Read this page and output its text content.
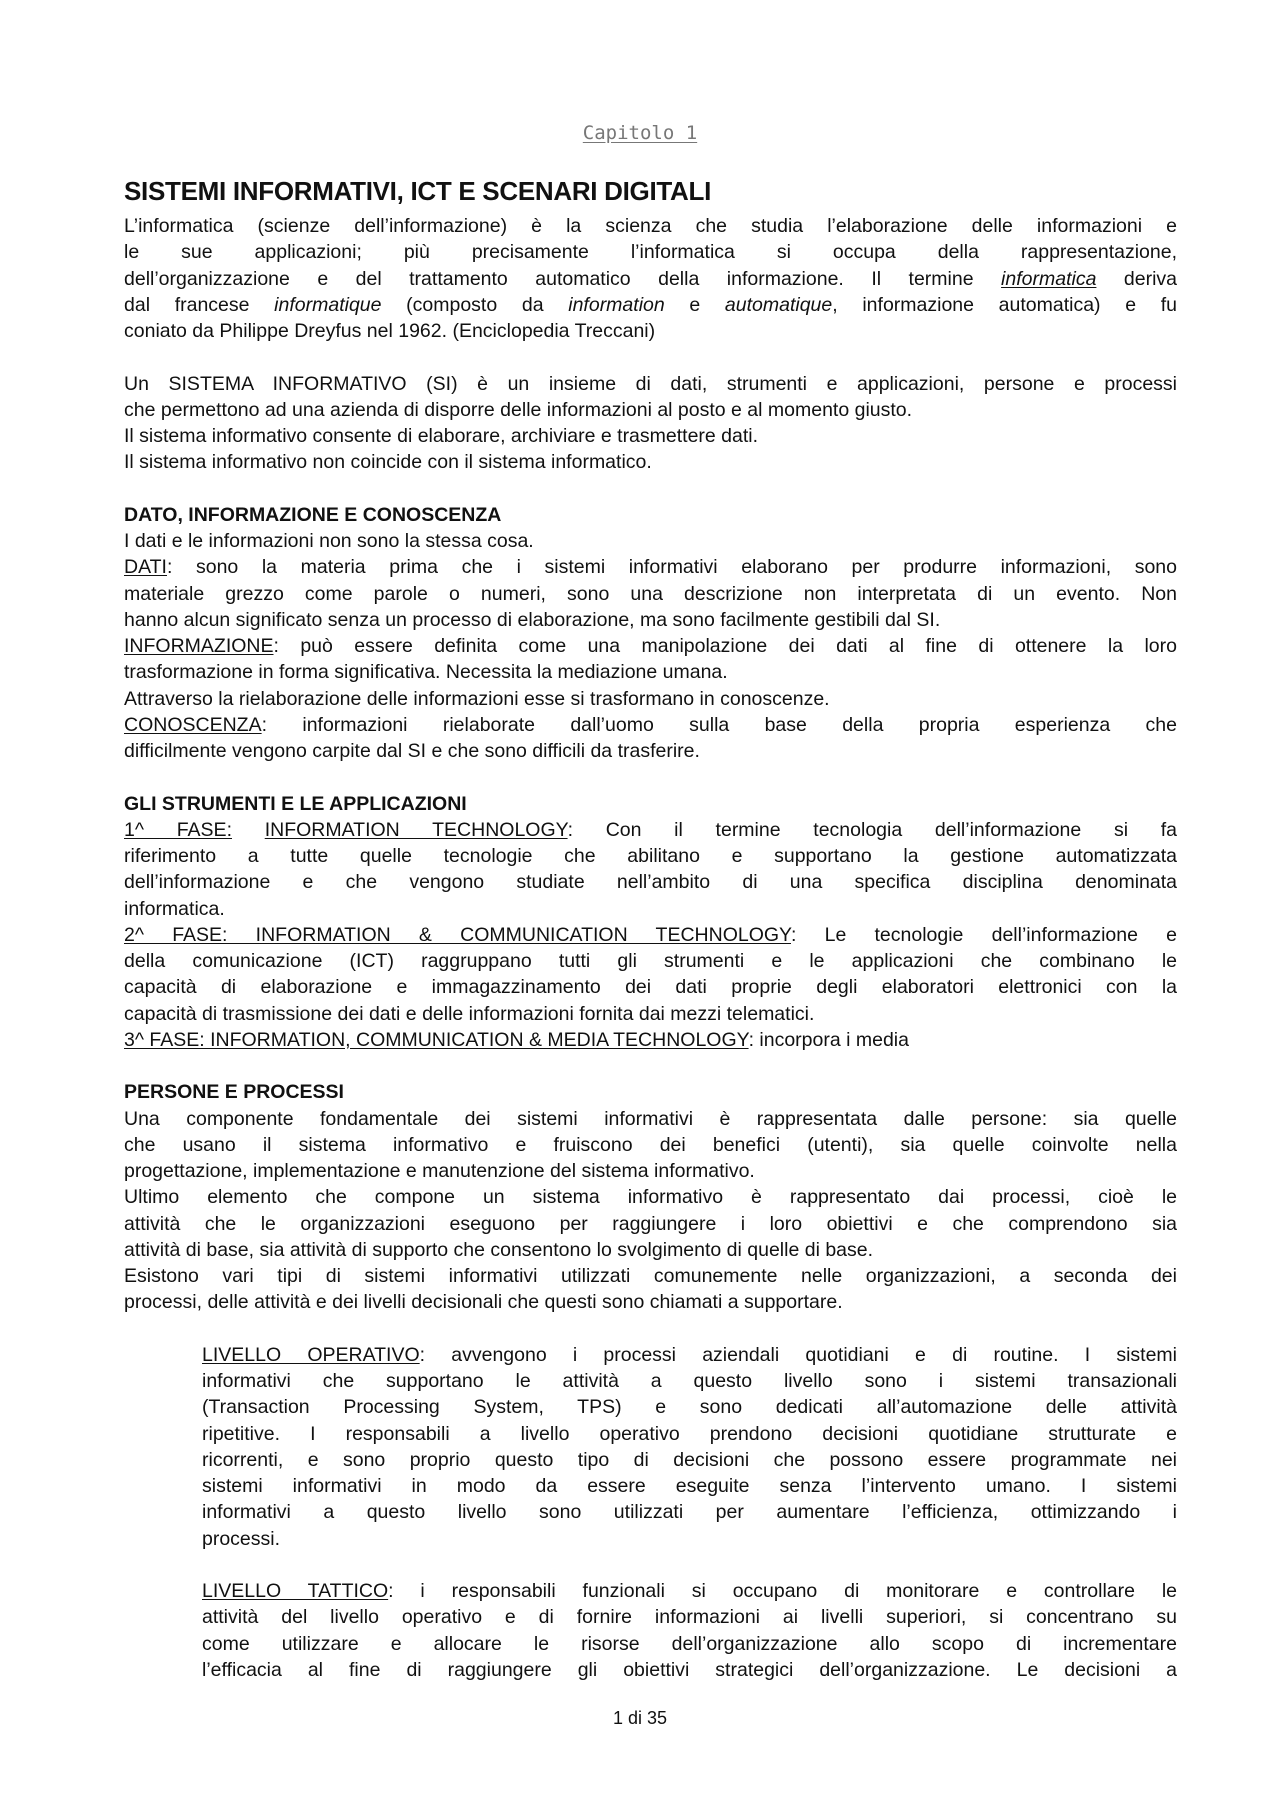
Capitolo 1
SISTEMI INFORMATIVI, ICT E SCENARI DIGITALI
L’informatica (scienze dell’informazione) è la scienza che studia l’elaborazione delle informazioni e
le sue applicazioni; più precisamente l’informatica si occupa della rappresentazione,
dell’organizzazione e del trattamento automatico della informazione. Il termine informatica deriva
dal francese informatique (composto da information e automatique, informazione automatica) e fu
coniato da Philippe Dreyfus nel 1962. (Enciclopedia Treccani)
Un SISTEMA INFORMATIVO (SI) è un insieme di dati, strumenti e applicazioni, persone e processi
che permettono ad una azienda di disporre delle informazioni al posto e al momento giusto.
Il sistema informativo consente di elaborare, archiviare e trasmettere dati.
Il sistema informativo non coincide con il sistema informatico.
DATO, INFORMAZIONE E CONOSCENZA
I dati e le informazioni non sono la stessa cosa.
DATI: sono la materia prima che i sistemi informativi elaborano per produrre informazioni, sono
materiale grezzo come parole o numeri, sono una descrizione non interpretata di un evento. Non
hanno alcun significato senza un processo di elaborazione, ma sono facilmente gestibili dal SI.
INFORMAZIONE: può essere definita come una manipolazione dei dati al fine di ottenere la loro
trasformazione in forma significativa. Necessita la mediazione umana.
Attraverso la rielaborazione delle informazioni esse si trasformano in conoscenze.
CONOSCENZA: informazioni rielaborate dall’uomo sulla base della propria esperienza che
difficilmente vengono carpite dal SI e che sono difficili da trasferire.
GLI STRUMENTI E LE APPLICAZIONI
1^ FASE: INFORMATION TECHNOLOGY: Con il termine tecnologia dell’informazione si fa
riferimento a tutte quelle tecnologie che abilitano e supportano la gestione automatizzata
dell’informazione e che vengono studiate nell’ambito di una specifica disciplina denominata
informatica.
2^ FASE: INFORMATION & COMMUNICATION TECHNOLOGY: Le tecnologie dell’informazione e
della comunicazione (ICT) raggruppano tutti gli strumenti e le applicazioni che combinano le
capacità di elaborazione e immagazzinamento dei dati proprie degli elaboratori elettronici con la
capacità di trasmissione dei dati e delle informazioni fornita dai mezzi telematici.
3^ FASE: INFORMATION, COMMUNICATION & MEDIA TECHNOLOGY: incorpora i media
PERSONE E PROCESSI
Una componente fondamentale dei sistemi informativi è rappresentata dalle persone: sia quelle
che usano il sistema informativo e fruiscono dei benefici (utenti), sia quelle coinvolte nella
progettazione, implementazione e manutenzione del sistema informativo.
Ultimo elemento che compone un sistema informativo è rappresentato dai processi, cioè le
attività che le organizzazioni eseguono per raggiungere i loro obiettivi e che comprendono sia
attività di base, sia attività di supporto che consentono lo svolgimento di quelle di base.
Esistono vari tipi di sistemi informativi utilizzati comunemente nelle organizzazioni, a seconda dei
processi, delle attività e dei livelli decisionali che questi sono chiamati a supportare.
LIVELLO OPERATIVO: avvengono i processi aziendali quotidiani e di routine. I sistemi
informativi che supportano le attività a questo livello sono i sistemi transazionali
(Transaction Processing System, TPS) e sono dedicati all’automazione delle attività
ripetitive. I responsabili a livello operativo prendono decisioni quotidiane strutturate e
ricorrenti, e sono proprio questo tipo di decisioni che possono essere programmate nei
sistemi informativi in modo da essere eseguite senza l’intervento umano. I sistemi
informativi a questo livello sono utilizzati per aumentare l’efficienza, ottimizzando i
processi.
LIVELLO TATTICO: i responsabili funzionali si occupano di monitorare e controllare le
attività del livello operativo e di fornire informazioni ai livelli superiori, si concentrano su
come utilizzare e allocare le risorse dell’organizzazione allo scopo di incrementare
l’efficacia al fine di raggiungere gli obiettivi strategici dell’organizzazione. Le decisioni a
1 di 35
